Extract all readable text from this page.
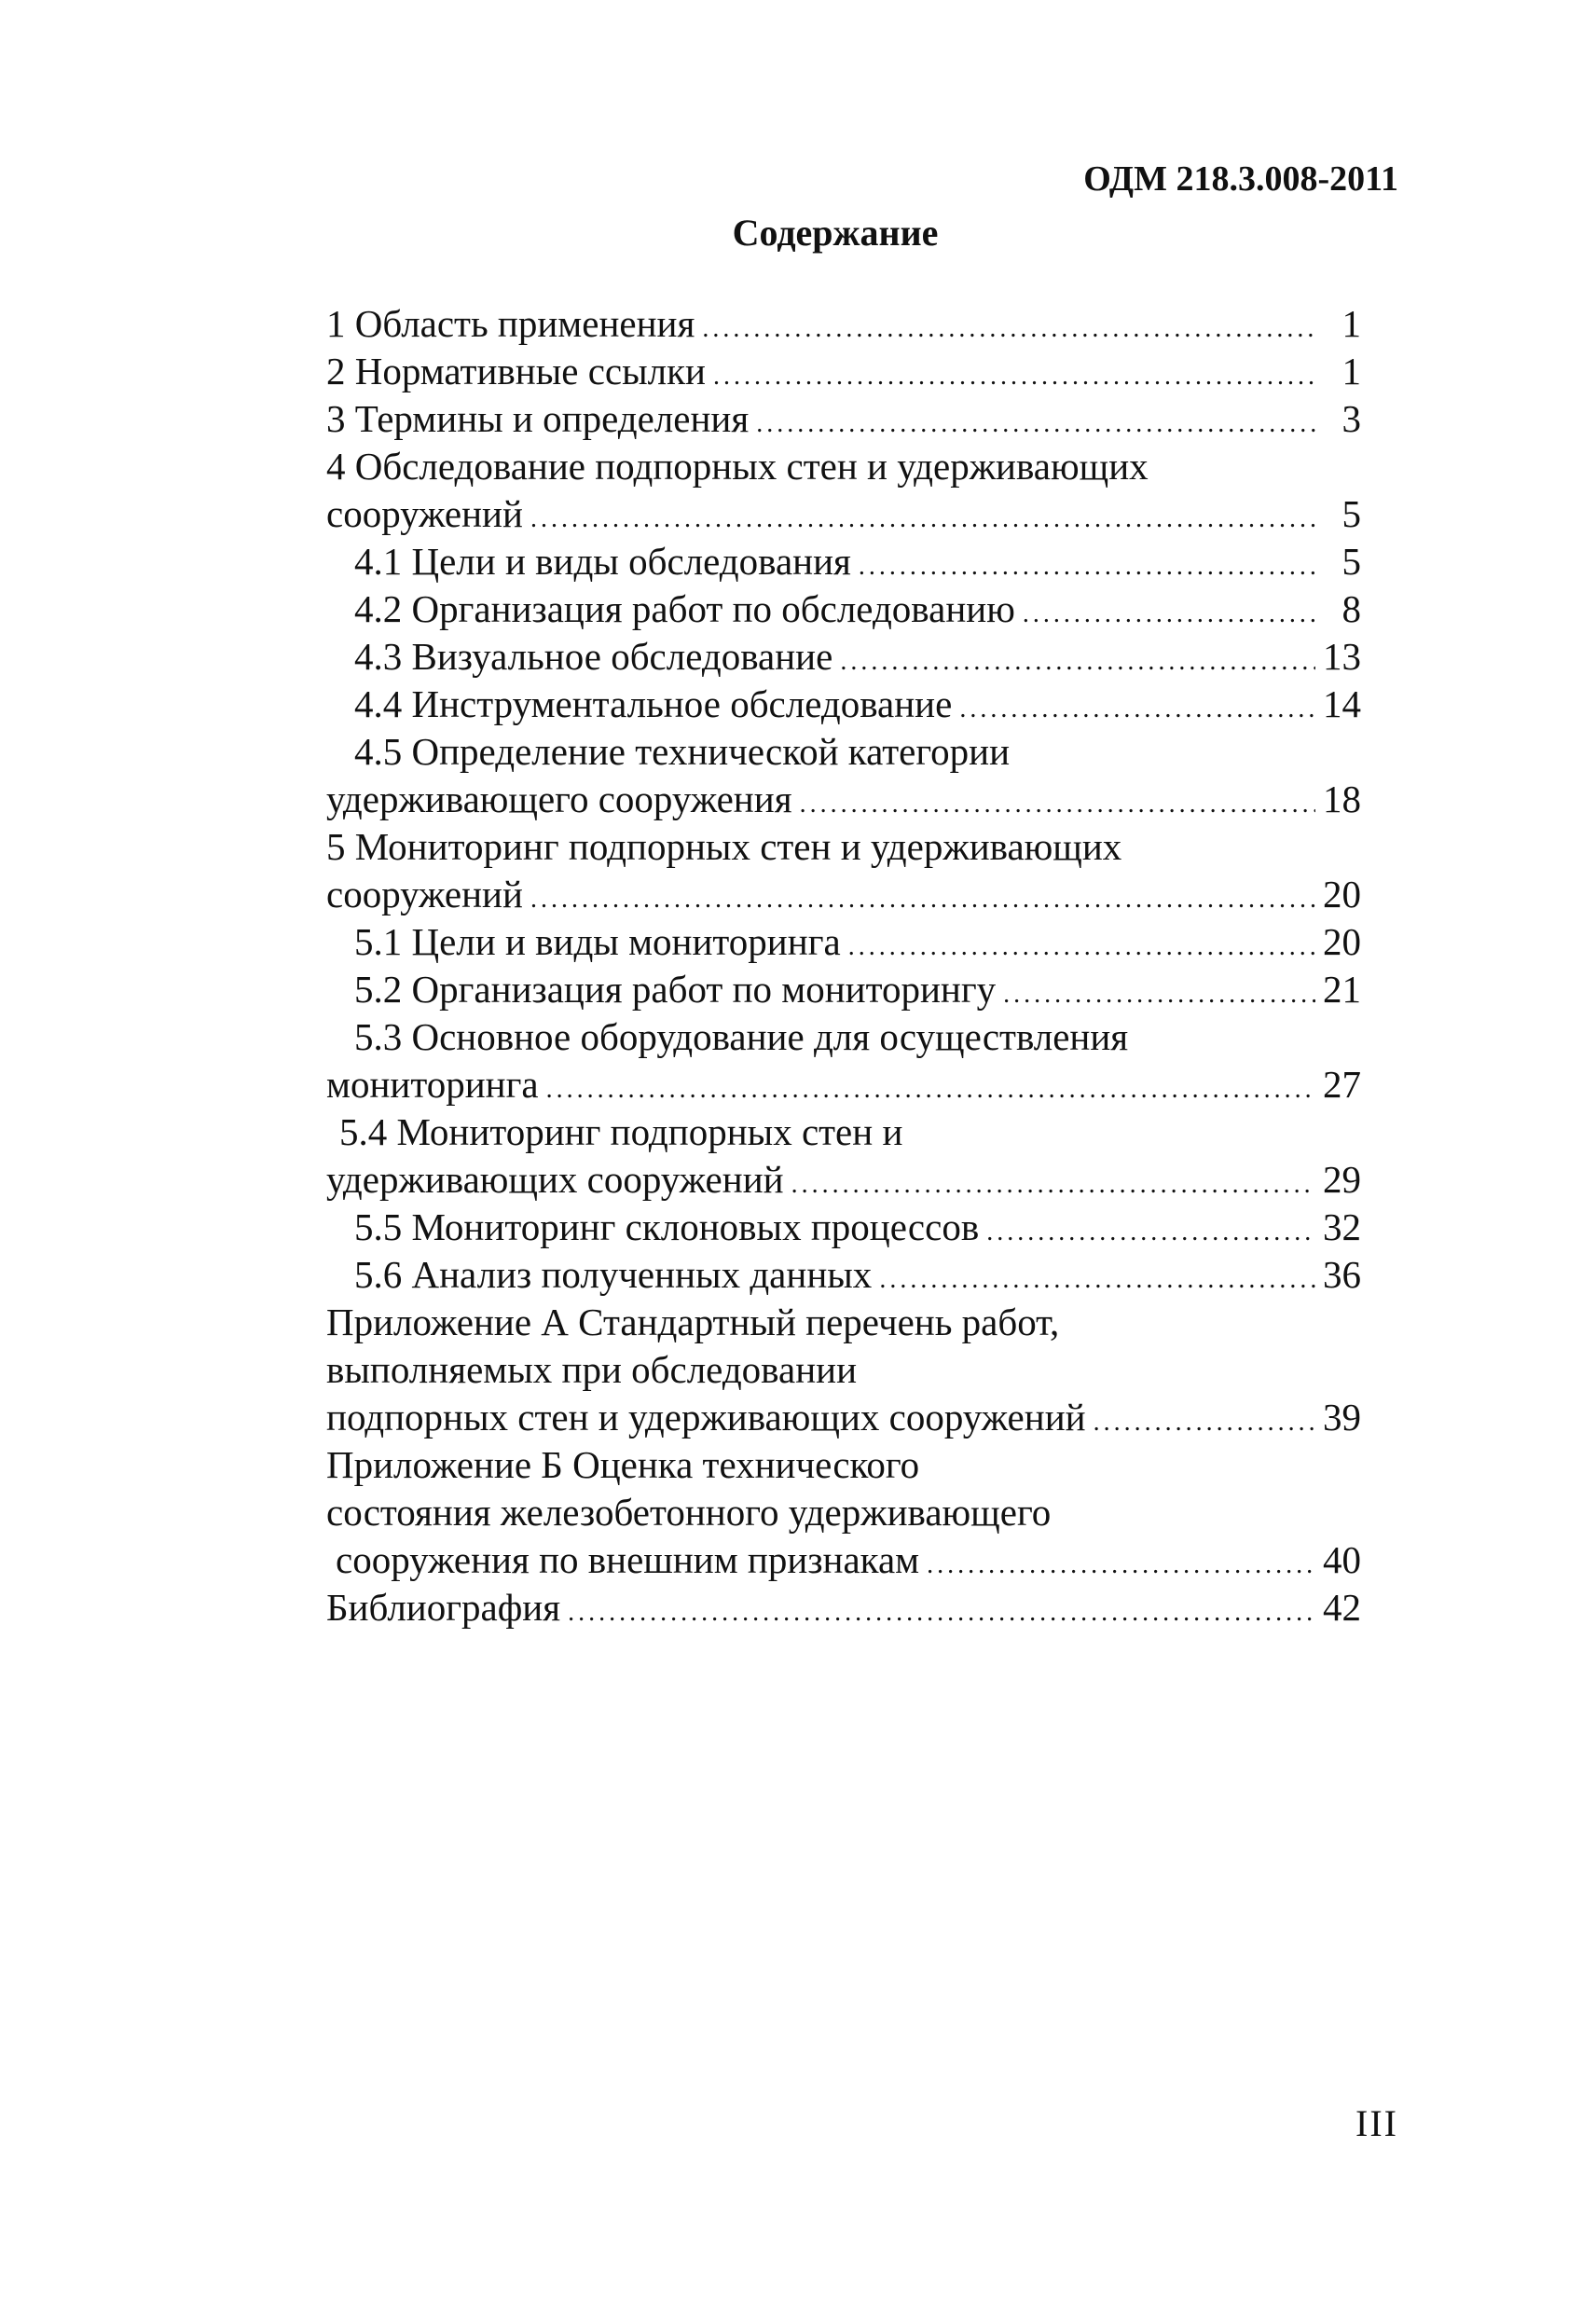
ОДМ 218.3.008-2011
Содержание
1 Область применения .....	1
2 Нормативные ссылки .....	1
3 Термины и определения .....	3
4 Обследование подпорных стен и удерживающих
сооружений .....	5
4.1 Цели и виды обследования .....	5
4.2 Организация работ по обследованию .....	8
4.3 Визуальное обследование .....	13
4.4 Инструментальное обследование .....	14
4.5 Определение технической категории
удерживающего сооружения .....	18
5 Мониторинг подпорных стен и удерживающих
сооружений .....	20
5.1 Цели и виды мониторинга .....	20
5.2 Организация работ по мониторингу .....	21
5.3 Основное оборудование для осуществления
мониторинга .....	27
5.4 Мониторинг подпорных стен и
удерживающих сооружений .....	29
5.5 Мониторинг склоновых процессов .....	32
5.6 Анализ полученных данных .....	36
Приложение А Стандартный перечень работ,
выполняемых при обследовании
подпорных стен и удерживающих сооружений .....	39
Приложение Б Оценка технического
состояния железобетонного удерживающего
сооружения по внешним признакам .....	40
Библиография .....	42
III
